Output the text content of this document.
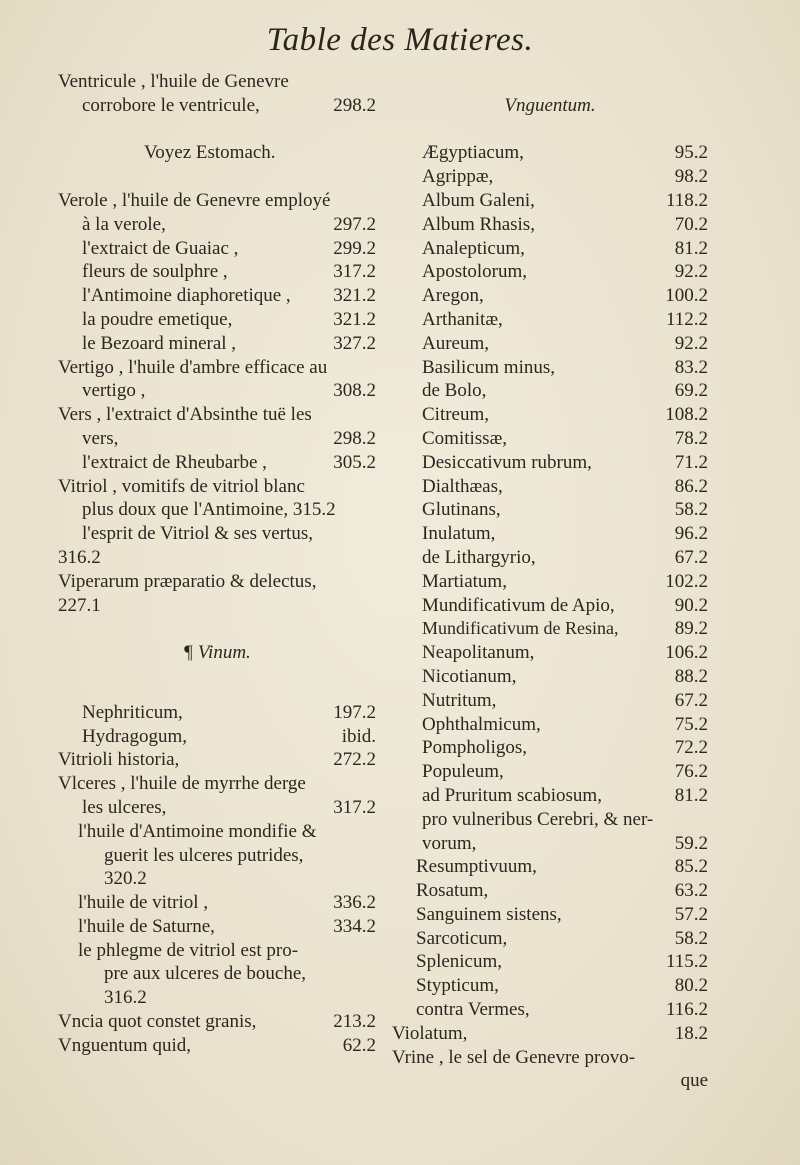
Table des Matieres.
Ventricule , l'huile de Genevre
corrobore le ventricule,	298.2
Voyez Estomach.
Verole , l'huile de Genevre employé
à la verole,	297.2
l'extraict de Guaiac ,	299.2
fleurs de soulphre ,	317.2
l'Antimoine diaphoretique , 321.2
la poudre emetique,	321.2
le Bezoard mineral ,	327.2
Vertigo , l'huile d'ambre efficace au
vertigo ,	308.2
Vers , l'extraict d'Absinthe tuë les
vers,	298.2
l'extraict de Rheubarbe ,	305.2
Vitriol , vomitifs de vitriol blanc
plus doux que l'Antimoine, 315.2
l'esprit de Vitriol & ses vertus,
316.2
Viperarum præparatio & delectus,
227.1
¶ Vinum.
Nephriticum,	197.2
Hydragogum,	ibid.
Vitrioli historia,	272.2
Vlceres , l'huile de myrrhe derge
les ulceres,	317.2
l'huile d'Antimoine mondifie &
guerit les ulceres putrides,
320.2
l'huile de vitriol ,	336.2
l'huile de Saturne,	334.2
le phlegme de vitriol est pro-
pre aux ulceres de bouche,
316.2
Vncia quot constet granis,	213.2
Vnguentum quid,	62.2
Vnguentum.
Ægyptiacum,	95.2
Agrippæ,	98.2
Album Galeni,	118.2
Album Rhasis,	70.2
Analepticum,	81.2
Apostolorum,	92.2
Aregon,	100.2
Arthanitæ,	112.2
Aureum,	92.2
Basilicum minus,	83.2
de Bolo,	69.2
Citreum,	108.2
Comitissæ,	78.2
Desiccativum rubrum,	71.2
Dialthæas,	86.2
Glutinans,	58.2
Inulatum,	96.2
de Lithargyrio,	67.2
Martiatum,	102.2
Mundificativum de Apio,	90.2
Mundificativum de Resina,	89.2
Neapolitanum,	106.2
Nicotianum,	88.2
Nutritum,	67.2
Ophthalmicum,	75.2
Pompholigos,	72.2
Populeum,	76.2
ad Pruritum scabiosum,	81.2
pro vulneribus Cerebri, & ner-
vorum,	59.2
Resumptivuum,	85.2
Rosatum,	63.2
Sanguinem sistens,	57.2
Sarcoticum,	58.2
Splenicum,	115.2
Stypticum,	80.2
contra Vermes,	116.2
Violatum,	18.2
Vrine , le sel de Genevre provo-
que
